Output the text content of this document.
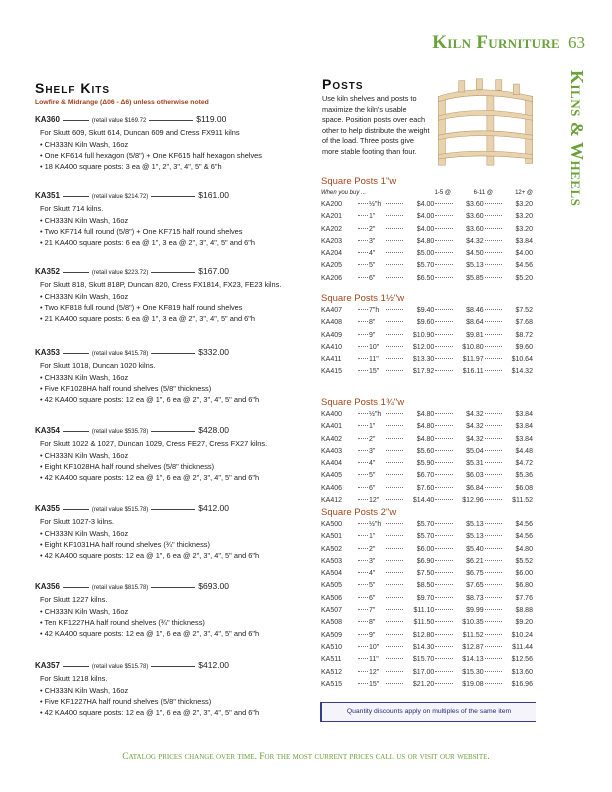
Kiln Furniture 63
Kilns & Wheels
Shelf Kits
Lowfire & Midrange (Δ06 - Δ6) unless otherwise noted
KA360	(retail value $169.72	$119.00
For Skutt 609, Skutt 614, Duncan 609 and Cress FX911 kilns
• CH333N Kiln Wash, 16oz
• One KF614 full hexagon (5/8") + One KF615 half hexagon shelves
• 18 KA400 square posts: 3 ea @ 1", 2", 3", 4", 5" & 6"h
KA351	(retail value $214.72)	$161.00
For Skutt 714 kilns.
• CH333N Kiln Wash, 16oz
• Two KF714 full round (5/8") + One KF715 half round shelves
• 21 KA400 square posts: 6 ea @ 1", 3 ea @ 2", 3", 4", 5" and 6"h
KA352	(retail value $223.72)	$167.00
For Skutt 818, Skutt 818P, Duncan 820, Cress FX1814, FX23, FE23 kilns.
• CH333N Kiln Wash, 16oz
• Two KF818 full round (5/8") + One KF819 half round shelves
• 21 KA400 square posts: 6 ea @ 1", 3 ea @ 2", 3", 4", 5" and 6"h
KA353	(retail value $415.78)	$332.00
For Skutt 1018, Duncan 1020 kilns.
• CH333N Kiln Wash, 16oz
• Five KF1028HA half round shelves (5/8" thickness)
• 42 KA400 square posts: 12 ea @ 1", 6 ea @ 2", 3", 4", 5" and 6"h
KA354	(retail value $535.78)	$428.00
For Skutt 1022 & 1027, Duncan 1029, Cress FE27, Cress FX27 kilns.
• CH333N Kiln Wash, 16oz
• Eight KF1028HA half round shelves (5/8" thickness)
• 42 KA400 square posts: 12 ea @ 1", 6 ea @ 2", 3", 4", 5" and 6"h
KA355	(retail value $515.78)	$412.00
For Skutt 1027-3 kilns.
• CH333N Kiln Wash, 16oz
• Eight KF1031HA half round shelves (¾" thickness)
• 42 KA400 square posts: 12 ea @ 1", 6 ea @ 2", 3", 4", 5" and 6"h
KA356	(retail value $815.78)	$693.00
For Skutt 1227 kilns.
• CH333N Kiln Wash, 16oz
• Ten KF1227HA half round shelves (¾" thickness)
• 42 KA400 square posts: 12 ea @ 1", 6 ea @ 2", 3", 4", 5" and 6"h
KA357	(retail value $515.78)	$412.00
For Skutt 1218 kilns.
• CH333N Kiln Wash, 16oz
• Five KF1227HA half round shelves (5/8" thickness)
• 42 KA400 square posts: 12 ea @ 1", 6 ea @ 2", 3", 4", 5" and 6"h
Posts

Use kiln shelves and posts to maximize the kiln's usable space. Position posts over each other to help distribute the weight of the load. Three posts give more stable footing than four.

Square Posts 1"w
When you buy ...	1-5 @	6-11 @	12+ @
KA200	½"h	$4.00	$3.60	$3.20
KA201	1"	$4.00	$3.60	$3.20
KA202	2"	$4.00	$3.60	$3.20
KA203	3"	$4.80	$4.32	$3.84
KA204	4"	$5.00	$4.50	$4.00
KA205	5"	$5.70	$5.13	$4.56
KA206	6"	$6.50	$5.85	$5.20
Square Posts 1½"w
KA407	7"h	$9.40	$8.46	$7.52
KA408	8"	$9.60	$8.64	$7.68
KA409	9"	$10.90	$9.81	$8.72
KA410	10"	$12.00	$10.80	$9.60
KA411	11"	$13.30	$11.97	$10.64
KA415	15"	$17.92	$16.11	$14.32
Square Posts 1¾"w
KA400	½"h	$4.80	$4.32	$3.84
KA401	1"	$4.80	$4.32	$3.84
KA402	2"	$4.80	$4.32	$3.84
KA403	3"	$5.60	$5.04	$4.48
KA404	4"	$5.90	$5.31	$4.72
KA405	5"	$6.70	$6.03	$5.36
KA406	6"	$7.60	$6.84	$6.08
KA412	12"	$14.40	$12.96	$11.52
Square Posts 2"w
KA500	½"h	$5.70	$5.13	$4.56
KA501	1"	$5.70	$5.13	$4.56
KA502	2"	$6.00	$5.40	$4.80
KA503	3"	$6.90	$6.21	$5.52
KA504	4"	$7.50	$6.75	$6.00
KA505	5"	$8.50	$7.65	$6.80
KA506	6"	$9.70	$8.73	$7.76
KA507	7"	$11.10	$9.99	$8.88
KA508	8"	$11.50	$10.35	$9.20
KA509	9"	$12.80	$11.52	$10.24
KA510	10"	$14.30	$12.87	$11.44
KA511	11"	$15.70	$14.13	$12.56
KA512	12"	$17.00	$15.30	$13.60
KA515	15"	$21.20	$19.08	$16.96
Quantity discounts apply on multiples of the same item
Catalog prices change over time. For the most current prices call us or visit our website.
